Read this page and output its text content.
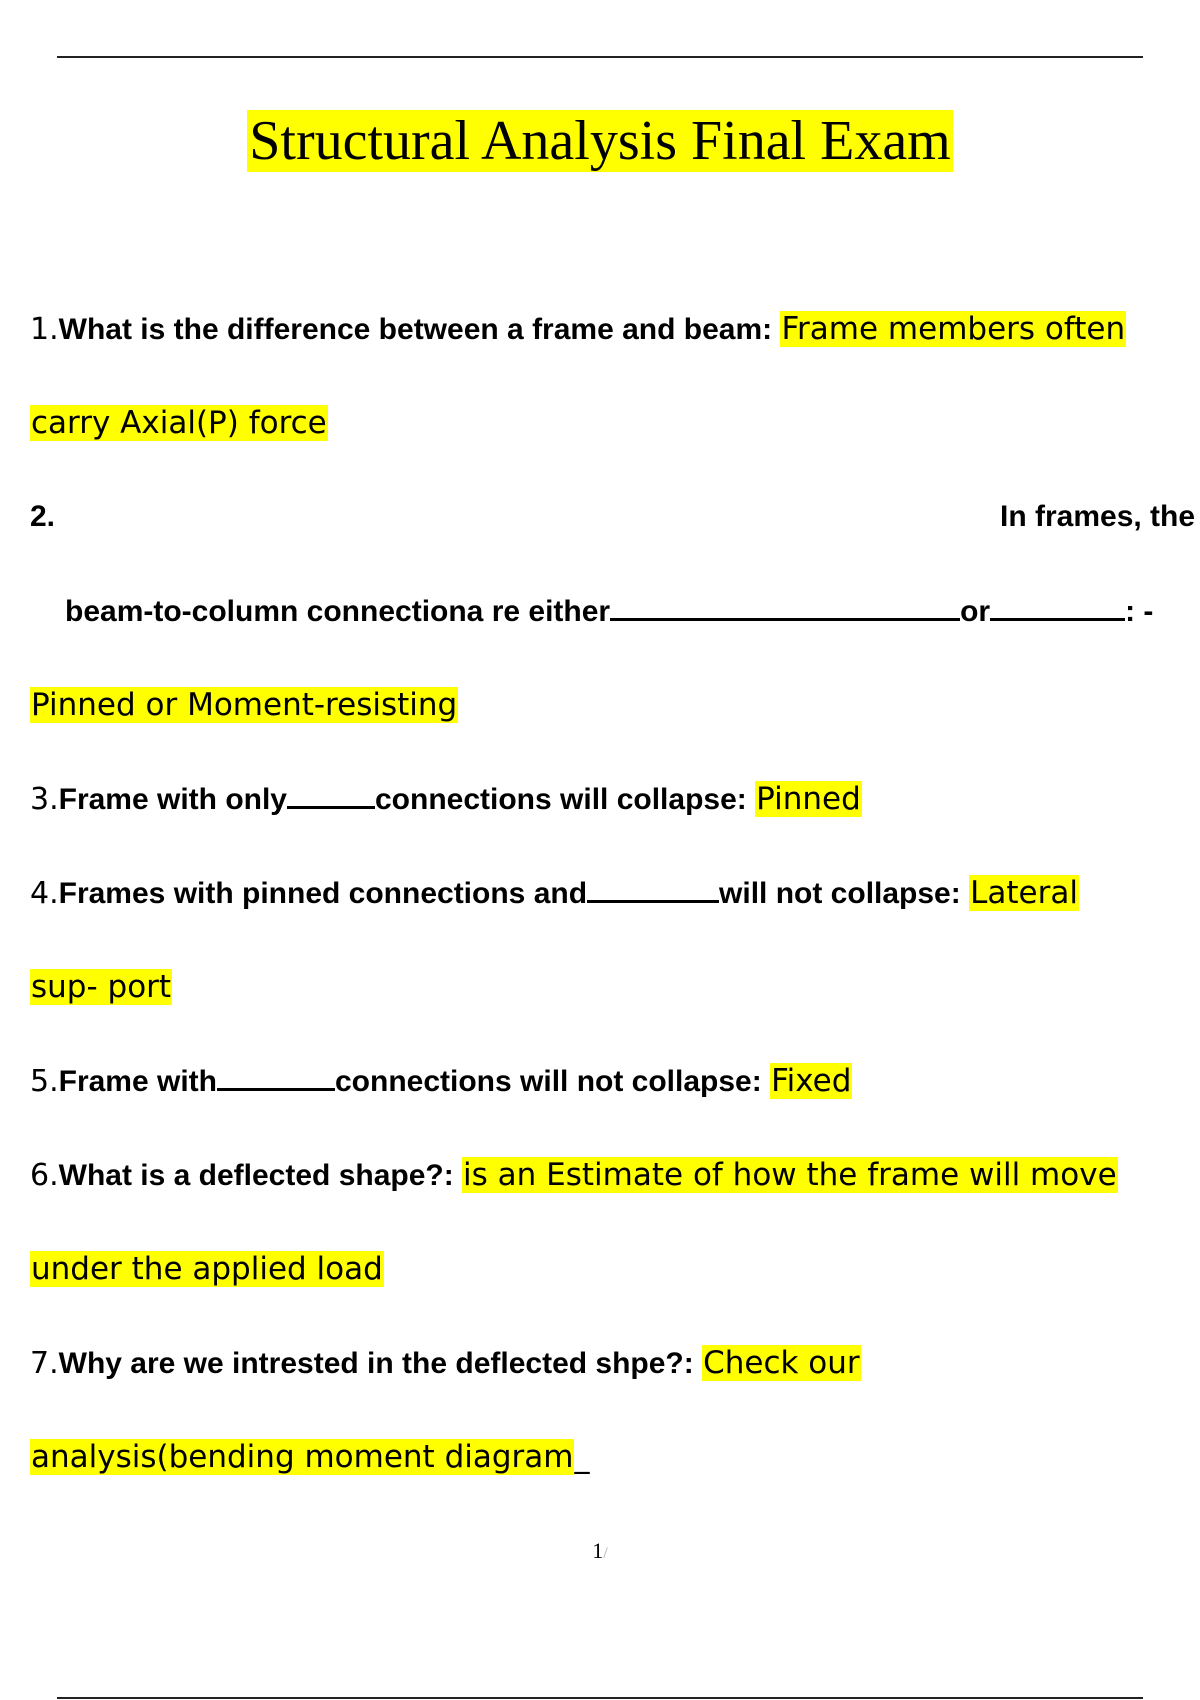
Structural Analysis Final Exam
1.What is the difference between a frame and beam: Frame members often
carry Axial(P) force
2.	In frames, the
beam-to-column connectiona re either	or	: -
Pinned or Moment-resisting
3.Frame with only	connections will collapse: Pinned
4.Frames with pinned connections and	will not collapse: Lateral
sup- port
5.Frame with	connections will not collapse: Fixed
6.What is a deflected shape?: is an Estimate of how the frame will move
under the applied load
7.Why are we intrested in the deflected shpe?: Check our
analysis(bending moment diagram_
1/
